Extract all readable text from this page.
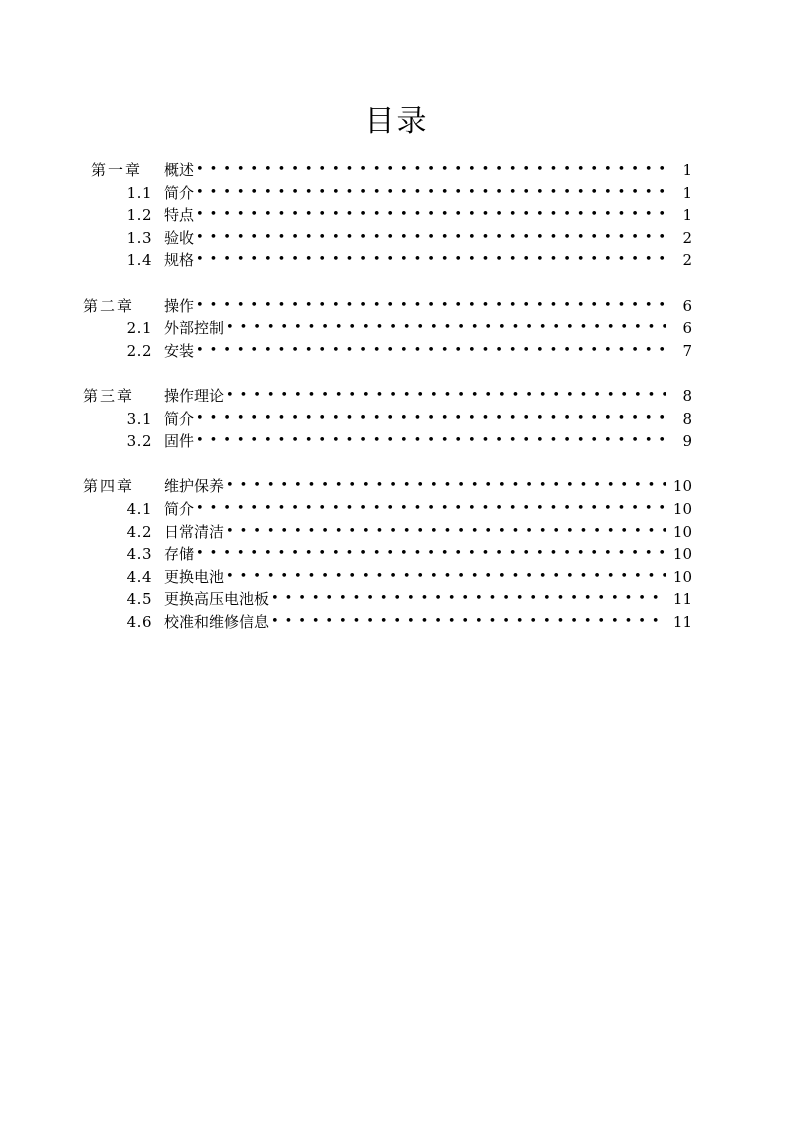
目录
第一章	概述 • • •	1
1.1 简介 • • •	1
1.2 特点 • • •	1
1.3 验收 • • •	2
1.4 规格 • • •	2
第二章	操作 • • •	6
2.1 外部控制 • • •	6
2.2 安装 • • •	7
第三章	操作理论 • • •	8
3.1 简介 • • •	8
3.2 固件 • • •	9
第四章	维护保养 • • •	10
4.1 简介 • • •	10
4.2 日常清洁 • • •	10
4.3 存储 • • •	10
4.4 更换电池 • • •	10
4.5 更换高压电池板 • • •	11
4.6 校准和维修信息 • • •	11
